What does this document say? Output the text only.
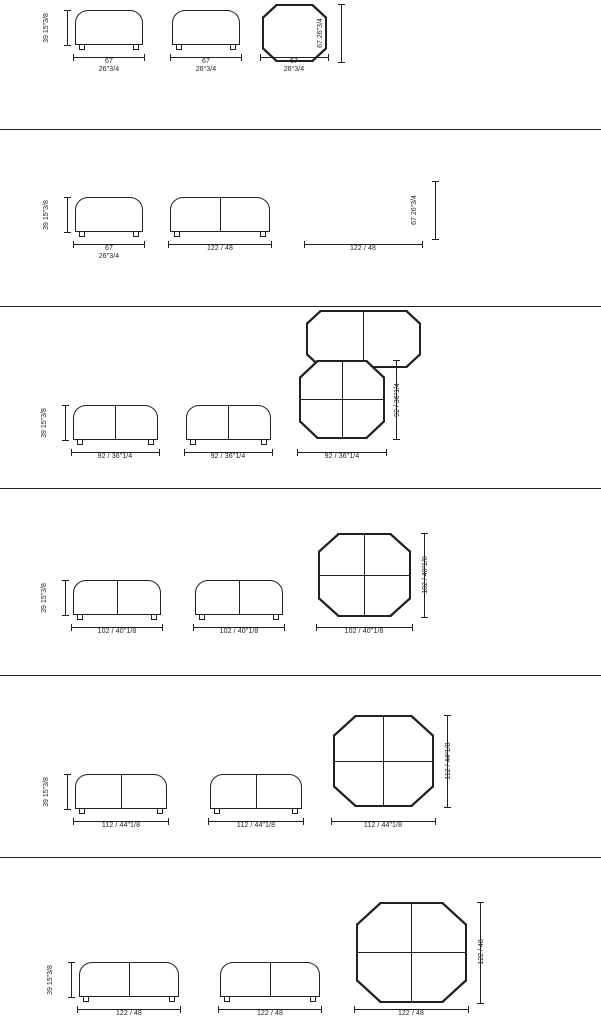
39 15"3/8
67
26"3/4
67
26"3/4
67
26"3/4
67 26"3/4
39 15"3/8
67
26"3/4
122 / 48	122 / 48
67 26"3/4
39 15"3/8
92 / 36"1/4	92 / 36"1/4	92 / 36"1/4
92 / 36"1/4
39 15"3/8
102 / 40"1/8	102 / 40"1/8	102 / 40"1/8
102 / 40"1/8
39 15"3/8
112 / 44"1/8	112 / 44"1/8	112 / 44"1/8
112 / 44"1/8
39 15"3/8
122 / 48	122 / 48	122 / 48
122 / 48
